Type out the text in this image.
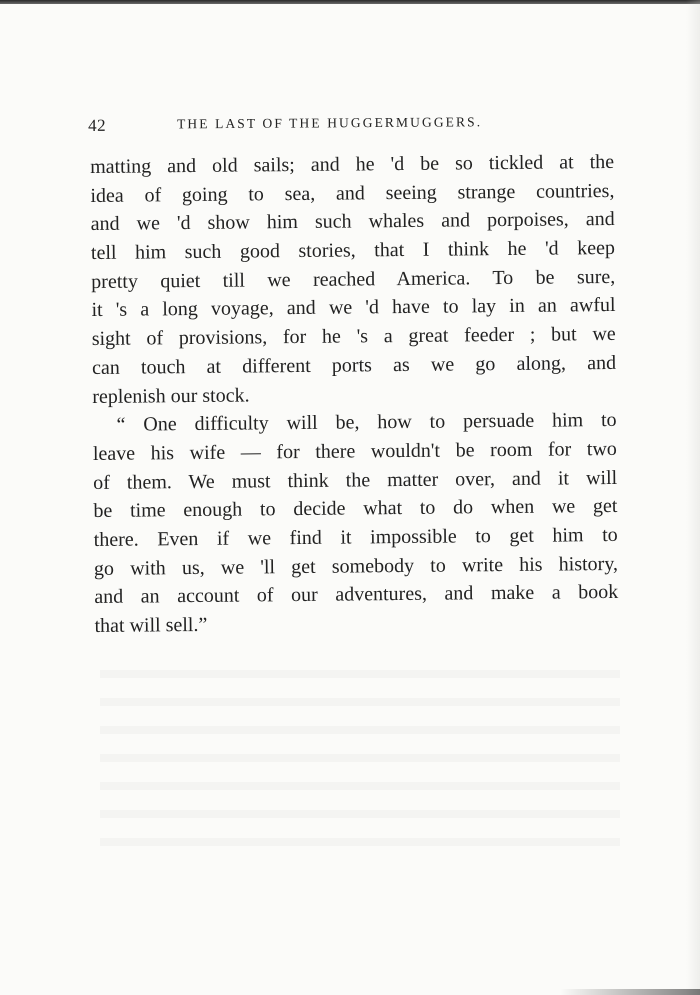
42	THE LAST OF THE HUGGERMUGGERS.
matting and old sails; and he 'd be so tickled at the
idea of going to sea, and seeing strange countries,
and we 'd show him such whales and porpoises, and
tell him such good stories, that I think he 'd keep
pretty quiet till we reached America. To be sure,
it 's a long voyage, and we 'd have to lay in an awful
sight of provisions, for he 's a great feeder ; but we
can touch at different ports as we go along, and
replenish our stock.
“ One difficulty will be, how to persuade him to
leave his wife — for there wouldn't be room for two
of them. We must think the matter over, and it will
be time enough to decide what to do when we get
there. Even if we find it impossible to get him to
go with us, we 'll get somebody to write his history,
and an account of our adventures, and make a book
that will sell.”
